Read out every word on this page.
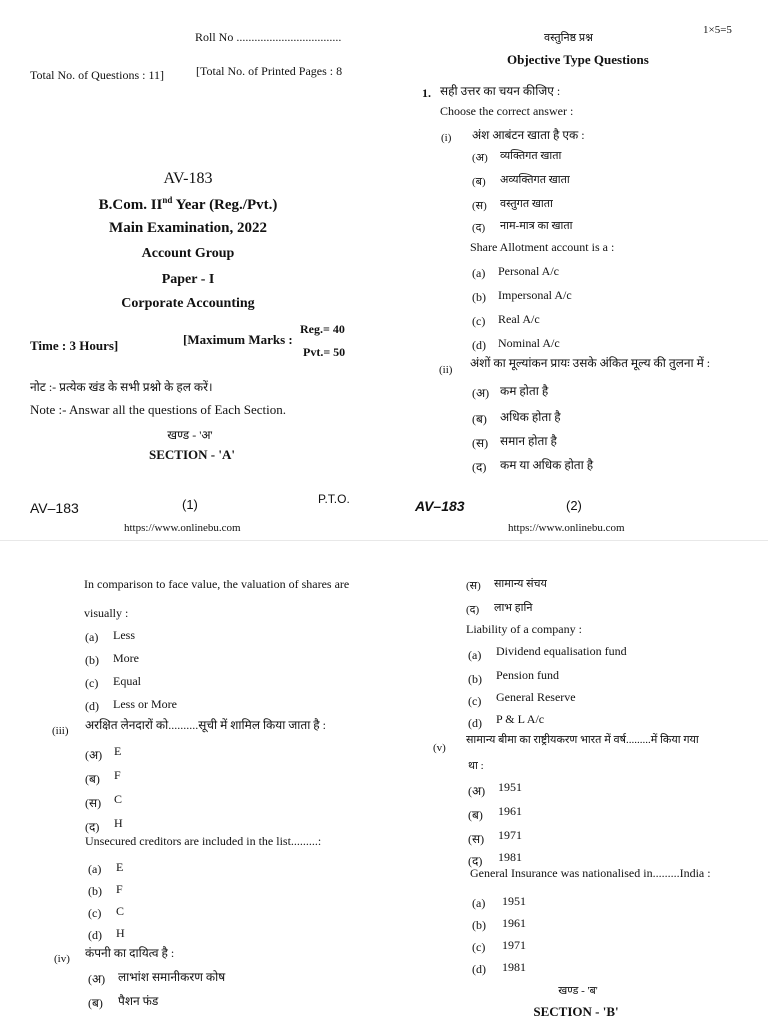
Roll No ...................................
Total No. of Questions : 11]	[Total No. of Printed Pages : 8
AV-183
B.Com. IInd Year (Reg./Pvt.)
Main Examination, 2022
Account Group
Paper - I
Corporate Accounting
Time : 3 Hours]	[Maximum Marks :
Reg.= 40
Pvt.= 50
नोट :- प्रत्येक खंड के सभी प्रश्नो के हल करें।
Note :- Answar all the questions of Each Section.
खण्ड - 'अ'
SECTION - 'A'
AV–183	(1)	P.T.O.
https://www.onlinebu.com
वस्तुनिष्ठ प्रश्न
1×5=5
Objective Type Questions
1. सही उत्तर का चयन कीजिए :
Choose the correct answer :
(i) अंश आबंटन खाता है एक :
(अ) व्यक्तिगत खाता
(ब) अव्यक्तिगत खाता
(स) वस्तुगत खाता
(द) नाम-मात्र का खाता
Share Allotment account is a :
(a) Personal A/c
(b) Impersonal A/c
(c) Real A/c
(d) Nominal A/c
(ii) अंशों का मूल्यांकन प्रायः उसके अंकित मूल्य की तुलना में :
(अ) कम होता है
(ब) अधिक होता है
(स) समान होता है
(द) कम या अधिक होता है
AV–183	(2)
https://www.onlinebu.com
In comparison to face value, the valuation of shares are
visually :
(a) Less
(b) More
(c) Equal
(d) Less or More
(iii) अरक्षित लेनदारों को..........सूची में शामिल किया जाता है :
(अ) E
(ब) F
(स) C
(द) H
Unsecured creditors are included in the list.........:
(a) E
(b) F
(c) C
(d) H
(iv) कंपनी का दायित्व है :
(अ) लाभांश समानीकरण कोष
(ब) पैशन फंड
(स) सामान्य संचय
(द) लाभ हानि
Liability of a company :
(a) Dividend equalisation fund
(b) Pension fund
(c) General Reserve
(d) P & L A/c
(v)
सामान्य बीमा का राष्ट्रीयकरण भारत में वर्ष.........में किया गया
था :
(अ) 1951
(ब) 1961
(स) 1971
(द) 1981
General Insurance was nationalised in.........India :
(a) 1951
(b) 1961
(c) 1971
(d) 1981
खण्ड - 'ब'
SECTION - 'B'
